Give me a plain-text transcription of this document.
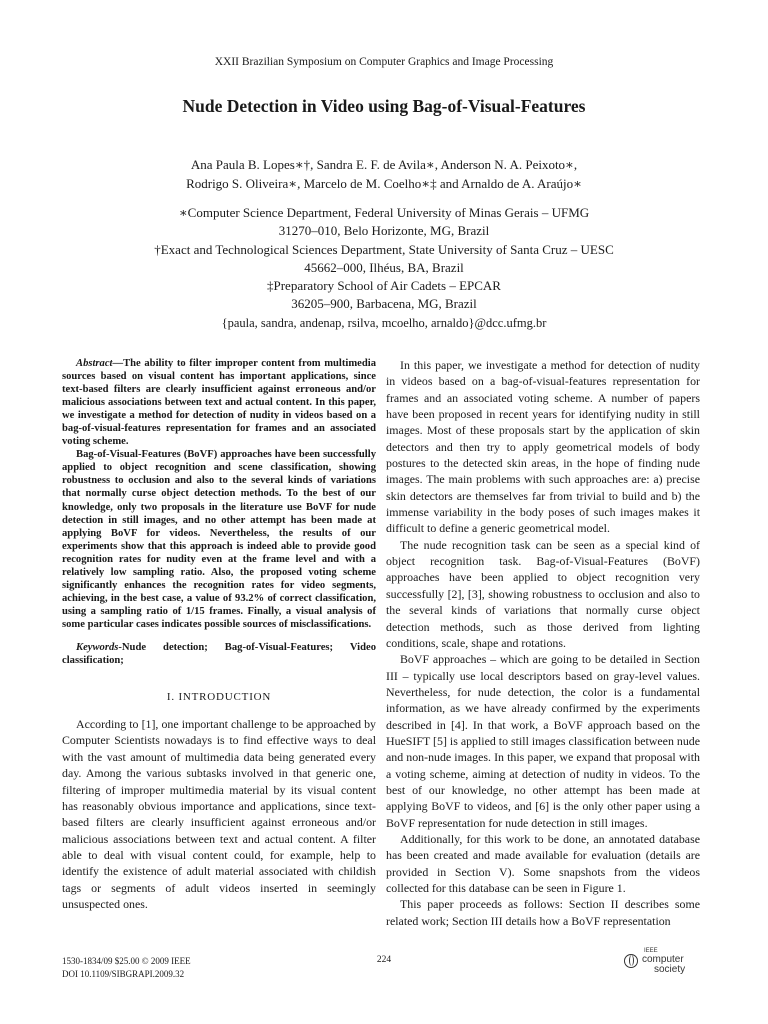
XXII Brazilian Symposium on Computer Graphics and Image Processing
Nude Detection in Video using Bag-of-Visual-Features
Ana Paula B. Lopes∗†, Sandra E. F. de Avila∗, Anderson N. A. Peixoto∗,
Rodrigo S. Oliveira∗, Marcelo de M. Coelho∗‡ and Arnaldo de A. Araújo∗
∗Computer Science Department, Federal University of Minas Gerais – UFMG
31270–010, Belo Horizonte, MG, Brazil
†Exact and Technological Sciences Department, State University of Santa Cruz – UESC
45662–000, Ilhéus, BA, Brazil
‡Preparatory School of Air Cadets – EPCAR
36205–900, Barbacena, MG, Brazil
{paula, sandra, andenap, rsilva, mcoelho, arnaldo}@dcc.ufmg.br

Abstract—The ability to filter improper content from multimedia sources based on visual content has important applications, since text-based filters are clearly insufficient against erroneous and/or malicious associations between text and actual content. In this paper, we investigate a method for detection of nudity in videos based on a bag-of-visual-features representation for frames and an associated voting scheme.

Bag-of-Visual-Features (BoVF) approaches have been successfully applied to object recognition and scene classification, showing robustness to occlusion and also to the several kinds of variations that normally curse object detection methods. To the best of our knowledge, only two proposals in the literature use BoVF for nude detection in still images, and no other attempt has been made at applying BoVF for videos. Nevertheless, the results of our experiments show that this approach is indeed able to provide good recognition rates for nudity even at the frame level and with a relatively low sampling ratio. Also, the proposed voting scheme significantly enhances the recognition rates for video segments, achieving, in the best case, a value of 93.2% of correct classification, using a sampling ratio of 1/15 frames. Finally, a visual analysis of some particular cases indicates possible sources of misclassifications.

Keywords-Nude detection; Bag-of-Visual-Features; Video classification;
I. INTRODUCTION

According to [1], one important challenge to be approached by Computer Scientists nowadays is to find effective ways to deal with the vast amount of multimedia data being generated every day. Among the various subtasks involved in that generic one, filtering of improper multimedia material by its visual content has reasonably obvious importance and applications, since text-based filters are clearly insufficient against erroneous and/or malicious associations between text and actual content. A filter able to deal with visual content could, for example, help to identify the existence of adult material associated with childish tags or segments of adult videos inserted in seemingly unsuspected ones.

In this paper, we investigate a method for detection of nudity in videos based on a bag-of-visual-features representation for frames and an associated voting scheme. A number of papers have been proposed in recent years for identifying nudity in still images. Most of these proposals start by the application of skin detectors and then try to apply geometrical models of body postures to the detected skin areas, in the hope of finding nude images. The main problems with such approaches are: a) precise skin detectors are themselves far from trivial to build and b) the immense variability in the body poses of such images makes it difficult to define a generic geometrical model.

The nude recognition task can be seen as a special kind of object recognition task. Bag-of-Visual-Features (BoVF) approaches have been applied to object recognition very successfully [2], [3], showing robustness to occlusion and also to the several kinds of variations that normally curse object detection methods, such as those derived from lighting conditions, scale, shape and rotations.

BoVF approaches – which are going to be detailed in Section III – typically use local descriptors based on gray-level values. Nevertheless, for nude detection, the color is a fundamental information, as we have already confirmed by the experiments described in [4]. In that work, a BoVF approach based on the HueSIFT [5] is applied to still images classification between nude and non-nude images. In this paper, we expand that proposal with a voting scheme, aiming at detection of nudity in videos. To the best of our knowledge, no other attempt has been made at applying BoVF to videos, and [6] is the only other paper using a BoVF representation for nude detection in still images.

Additionally, for this work to be done, an annotated database has been created and made available for evaluation (details are provided in Section V). Some snapshots from the videos collected for this database can be seen in Figure 1.

This paper proceeds as follows: Section II describes some related work; Section III details how a BoVF representation

1530-1834/09 $25.00 © 2009 IEEE
DOI 10.1109/SIBGRAPI.2009.32
224
IEEE
computer
society
